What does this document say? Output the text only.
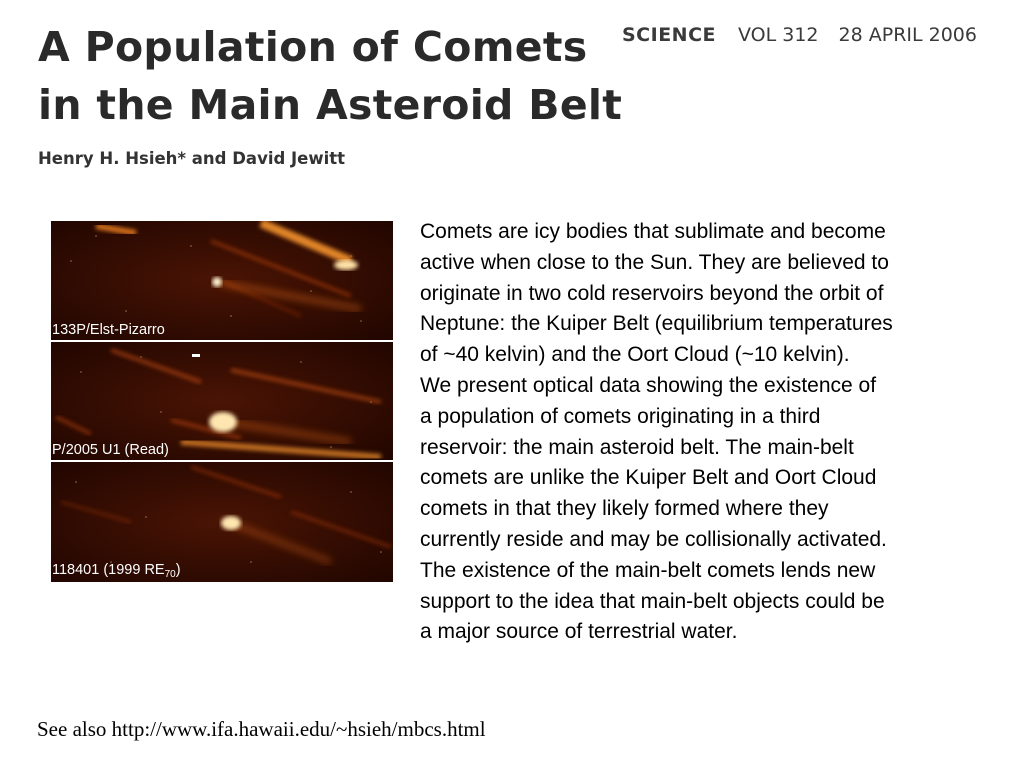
A Population of Comets
in the Main Asteroid Belt
SCIENCE VOL 312 28 APRIL 2006
Henry H. Hsieh* and David Jewitt
133P/Elst-Pizarro
P/2005 U1 (Read)
118401 (1999 $RE_{70}$)
Comets are icy bodies that sublimate and become
active when close to the Sun. They are believed to
originate in two cold reservoirs beyond the orbit of
Neptune: the Kuiper Belt (equilibrium temperatures
of ~40 kelvin) and the Oort Cloud (~10 kelvin).
We present optical data showing the existence of
a population of comets originating in a third
reservoir: the main asteroid belt. The main-belt
comets are unlike the Kuiper Belt and Oort Cloud
comets in that they likely formed where they
currently reside and may be collisionally activated.
The existence of the main-belt comets lends new
support to the idea that main-belt objects could be
a major source of terrestrial water.
See also http://www.ifa.hawaii.edu/~hsieh/mbcs.html
